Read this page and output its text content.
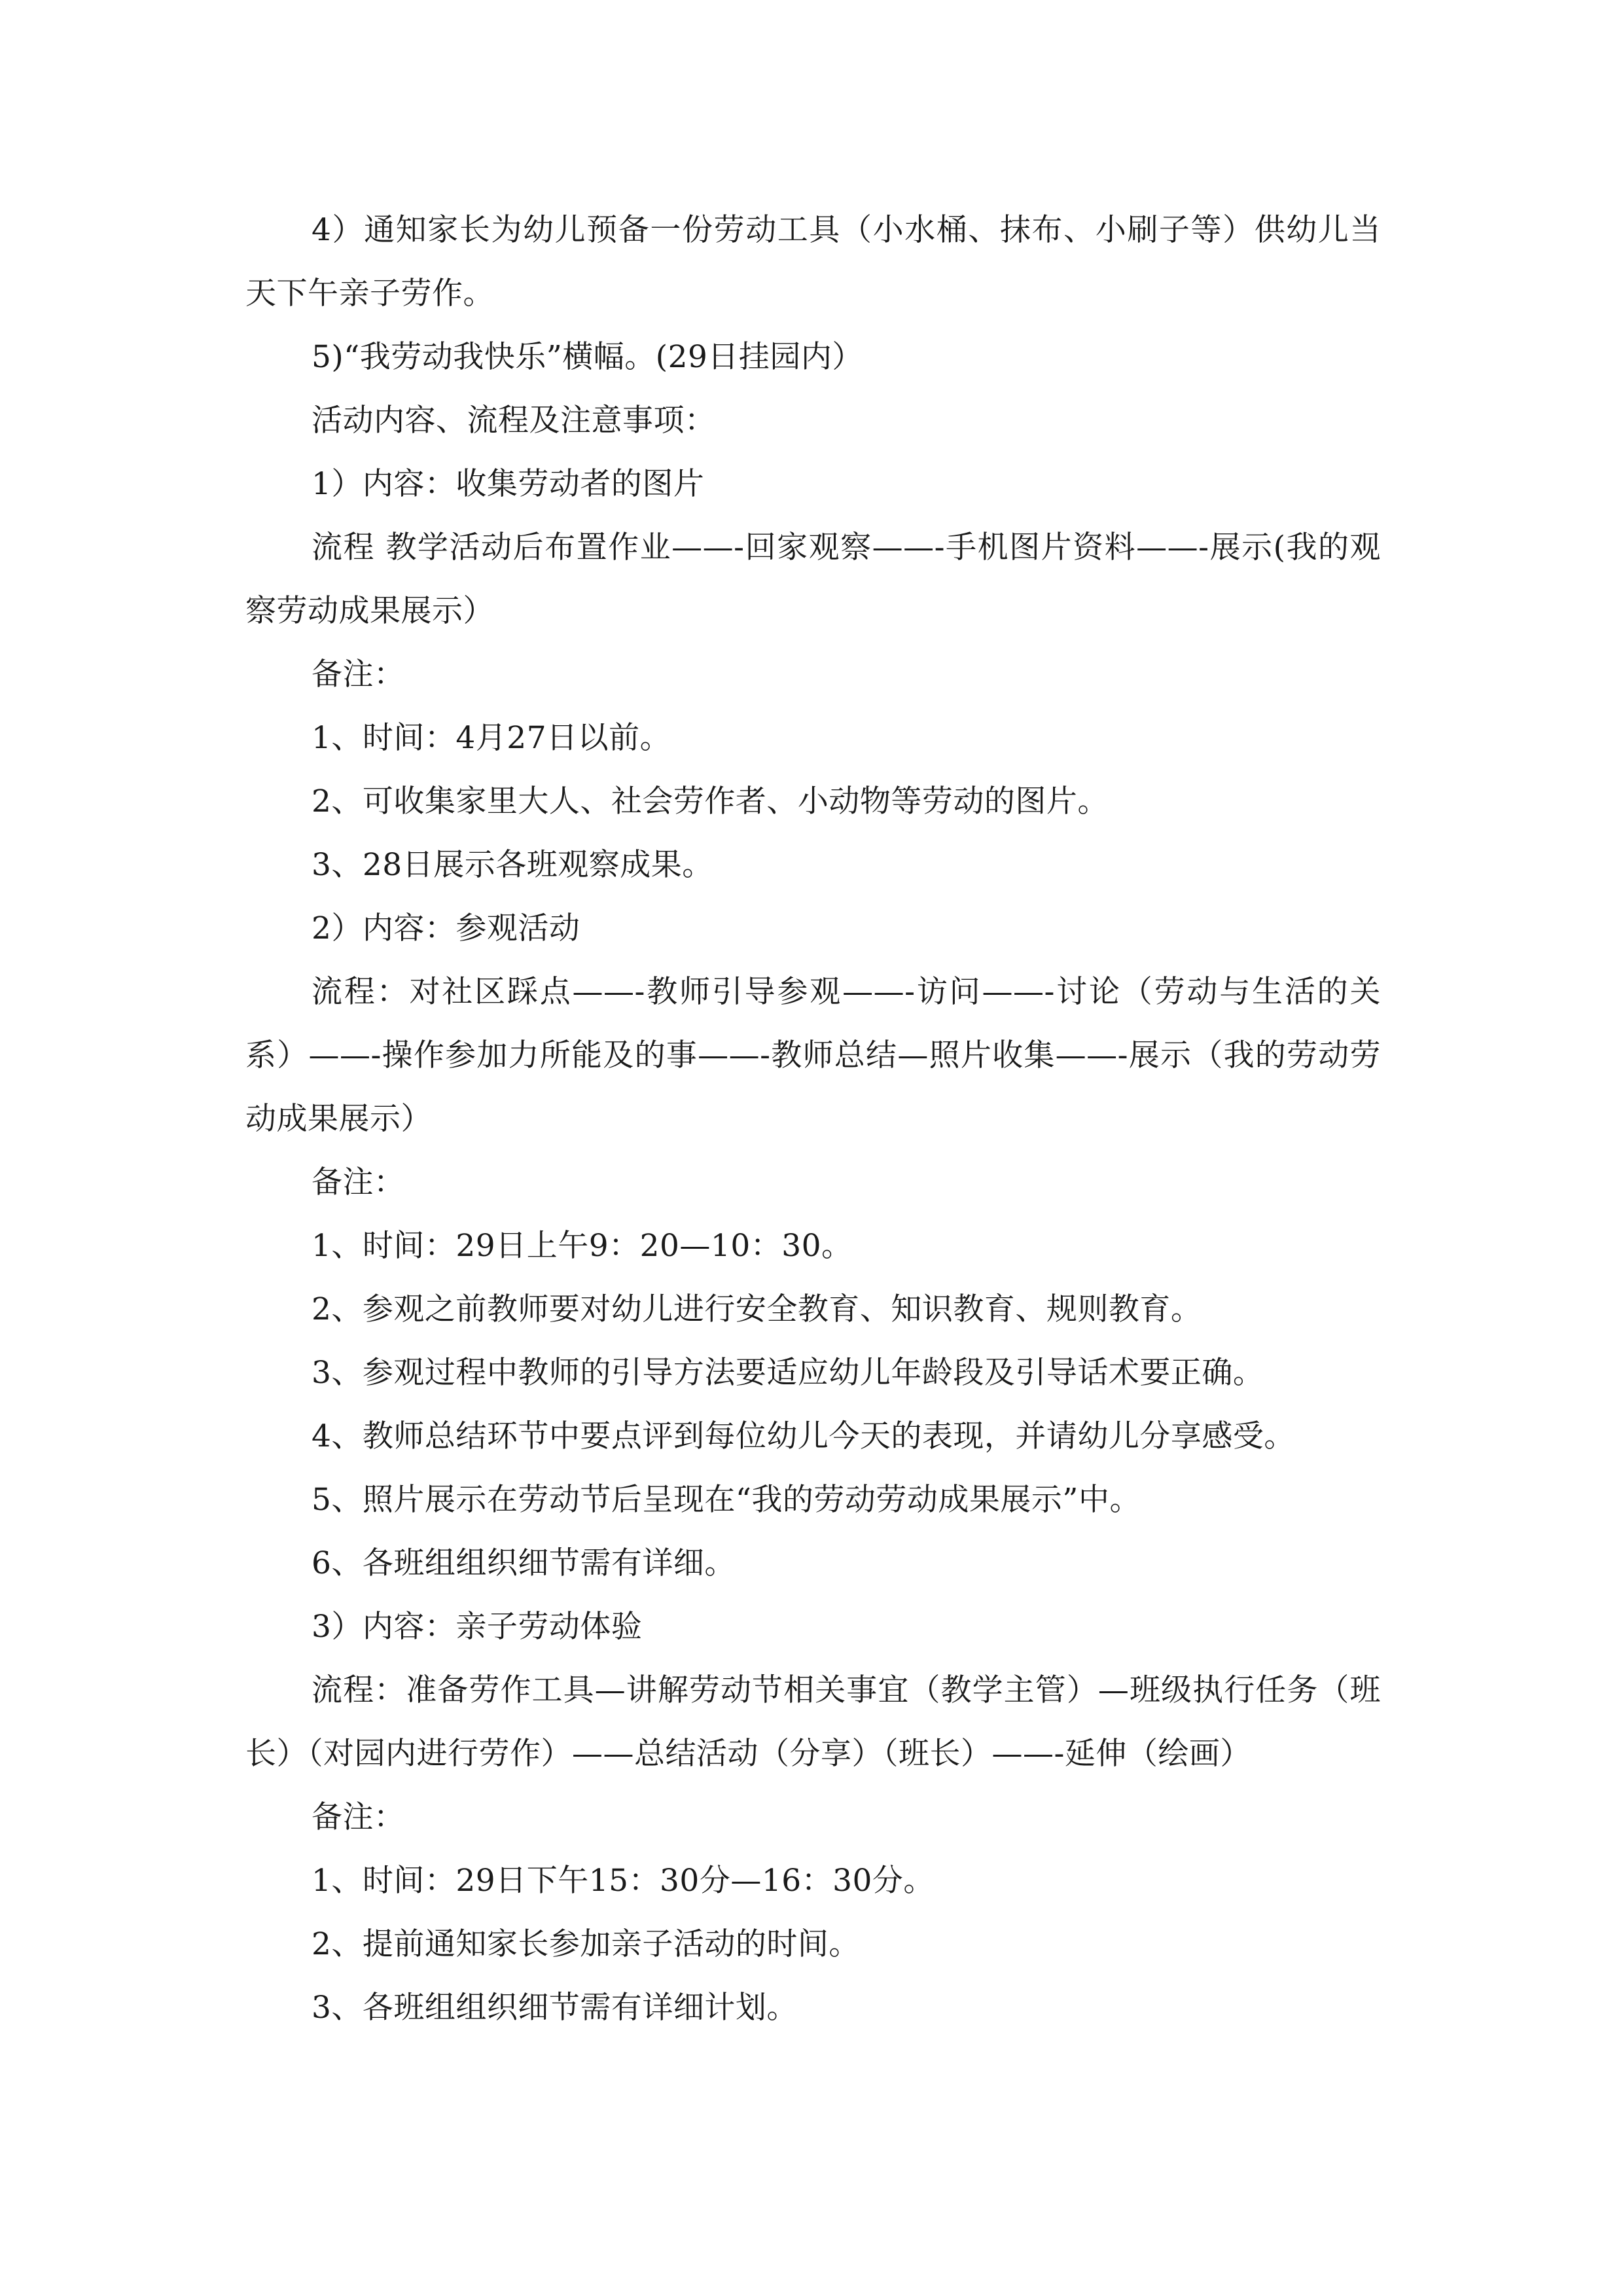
4）通知家长为幼儿预备一份劳动工具（小水桶、抹布、小刷子等）供幼儿当天下午亲子劳作。

5)“我劳动我快乐”横幅。(29日挂园内）

活动内容、流程及注意事项：

1）内容：收集劳动者的图片

流程 教学活动后布置作业——-回家观察——-手机图片资料——-展示(我的观察劳动成果展示）

备注：

1、时间：4月27日以前。

2、可收集家里大人、社会劳作者、小动物等劳动的图片。

3、28日展示各班观察成果。

2）内容：参观活动

流程：对社区踩点——-教师引导参观——-访问——-讨论（劳动与生活的关系）——-操作参加力所能及的事——-教师总结—照片收集——-展示（我的劳动劳动成果展示）

备注：

1、时间：29日上午9：20—10：30。

2、参观之前教师要对幼儿进行安全教育、知识教育、规则教育。

3、参观过程中教师的引导方法要适应幼儿年龄段及引导话术要正确。

4、教师总结环节中要点评到每位幼儿今天的表现，并请幼儿分享感受。

5、照片展示在劳动节后呈现在“我的劳动劳动成果展示”中。

6、各班组组织细节需有详细。

3）内容：亲子劳动体验

流程：准备劳作工具—讲解劳动节相关事宜（教学主管）—班级执行任务（班长）（对园内进行劳作）——总结活动（分享）（班长）——-延伸（绘画）

备注：

1、时间：29日下午15：30分—16：30分。

2、提前通知家长参加亲子活动的时间。

3、各班组组织细节需有详细计划。
